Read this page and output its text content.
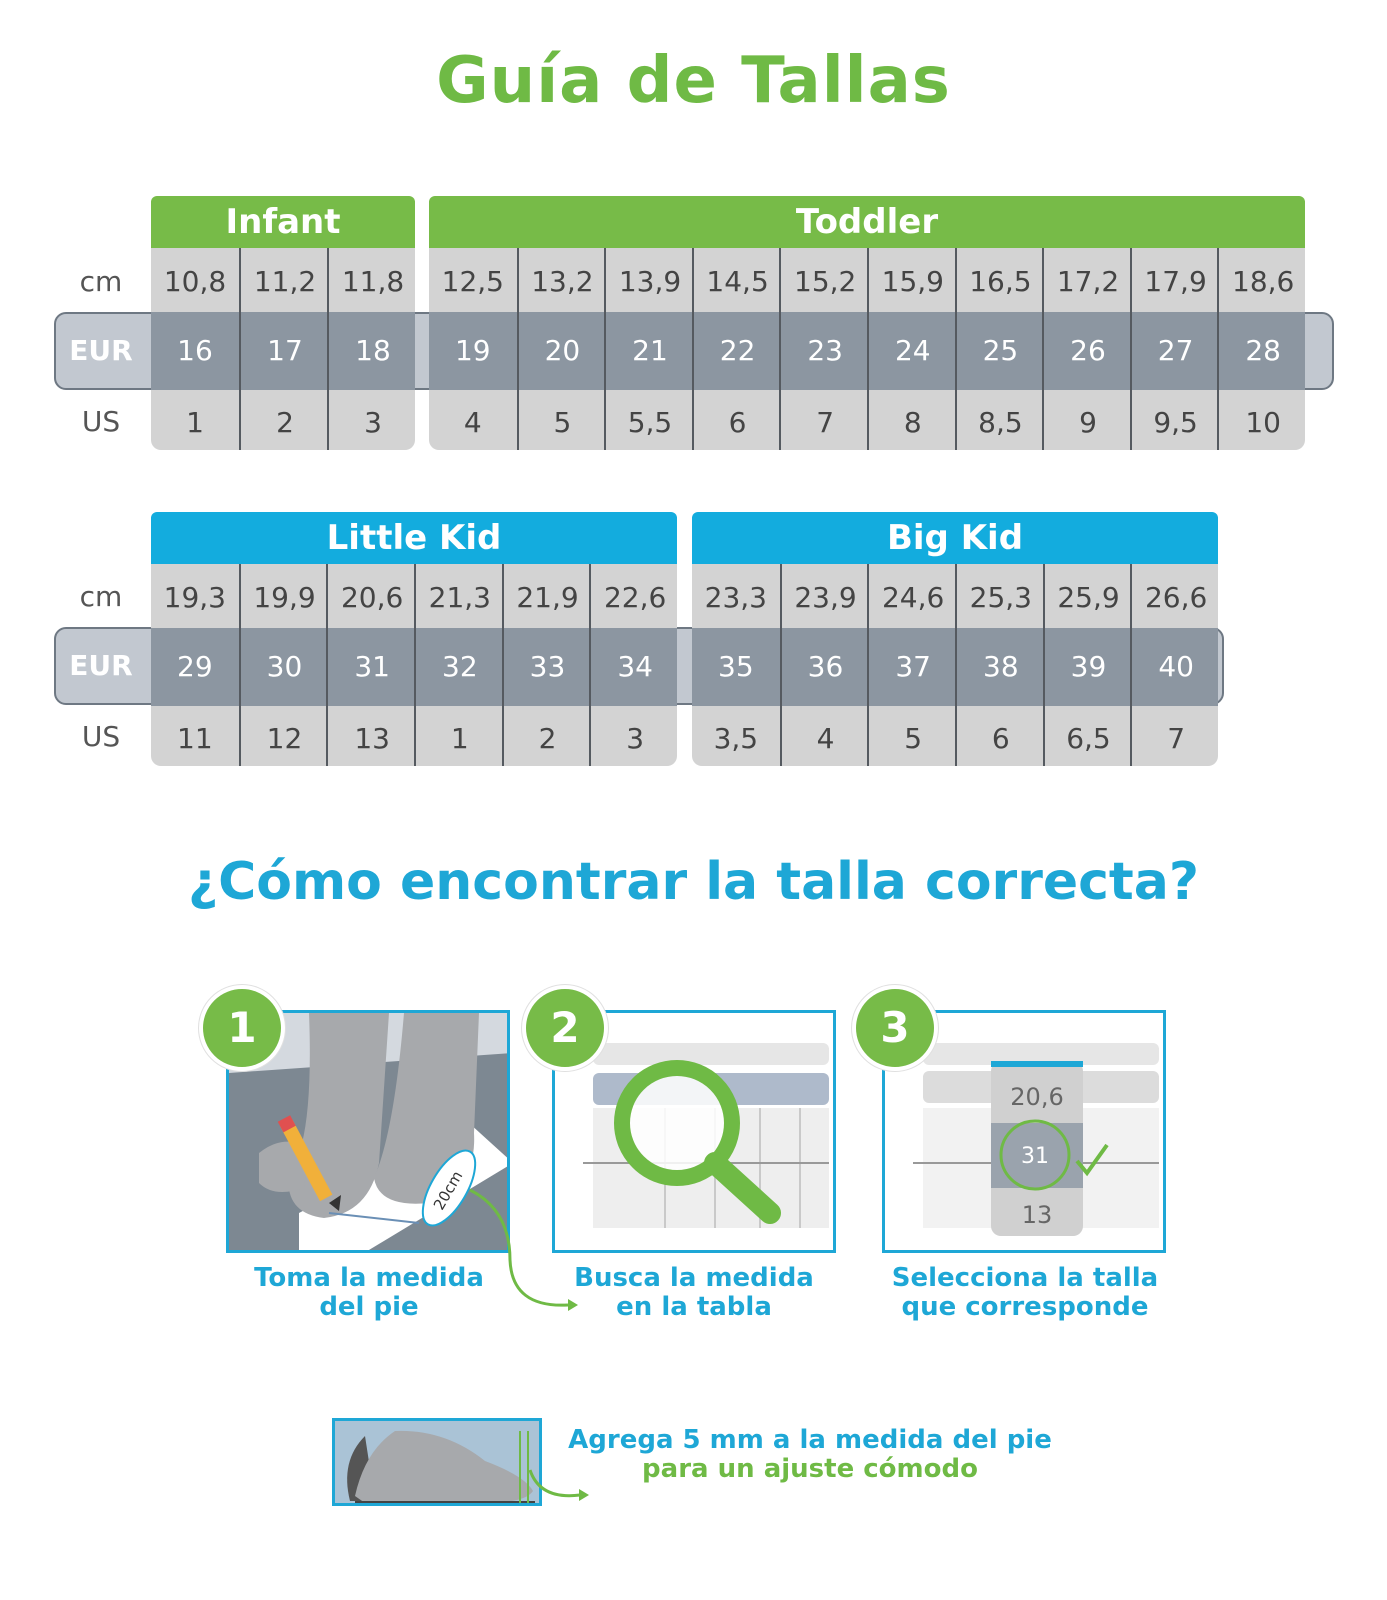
Guía de Tallas
cm
EUR
US
cm
EUR
US
Infant
10,8
16
1
11,2
17
2
11,8
18
3
Toddler
12,5
19
4
13,2
20
5
13,9
21
5,5
14,5
22
6
15,2
23
7
15,9
24
8
16,5
25
8,5
17,2
26
9
17,9
27
9,5
18,6
28
10
Little Kid
19,3
29
11
19,9
30
12
20,6
31
13
21,3
32
1
21,9
33
2
22,6
34
3
Big Kid
23,3
35
3,5
23,9
36
4
24,6
37
5
25,3
38
6
25,9
39
6,5
26,6
40
7
¿Cómo encontrar la talla correcta?
20cm
1
Toma la medida
del pie
2
Busca la medida
en la tabla
20,6
31
13
3
Selecciona la talla
que corresponde
Agrega 5 mm a la medida del pie
para un ajuste cómodo
